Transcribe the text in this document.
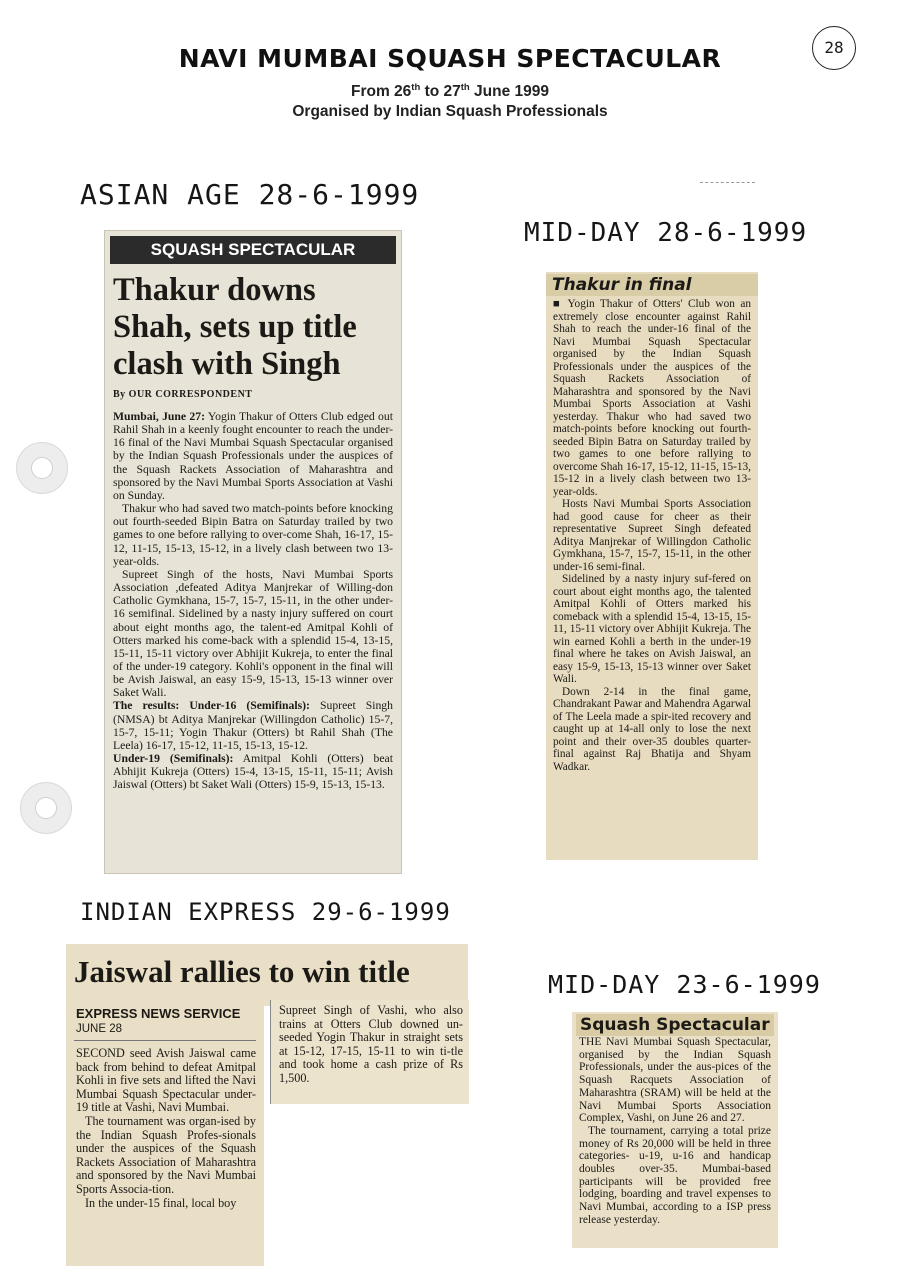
NAVI MUMBAI SQUASH SPECTACULAR
From 26th to 27th June 1999
Organised by Indian Squash Professionals
28
ASIAN AGE 28-6-1999
MID-DAY 28-6-1999
INDIAN EXPRESS 29-6-1999
MID-DAY 23-6-1999
SQUASH SPECTACULAR
Thakur downs Shah, sets up title clash with Singh
By OUR CORRESPONDENT

Mumbai, June 27: Yogin Thakur of Otters Club edged out Rahil Shah in a keenly fought encounter to reach the under-16 final of the Navi Mumbai Squash Spectacular organised by the Indian Squash Professionals under the auspices of the Squash Rackets Association of Maharashtra and sponsored by the Navi Mumbai Sports Association at Vashi on Sunday.

Thakur who had saved two match-points before knocking out fourth-seeded Bipin Batra on Saturday trailed by two games to one before rallying to over-come Shah, 16-17, 15-12, 11-15, 15-13, 15-12, in a lively clash between two 13-year-olds.

Supreet Singh of the hosts, Navi Mumbai Sports Association ,defeated Aditya Manjrekar of Willing-don Catholic Gymkhana, 15-7, 15-7, 15-11, in the other under-16 semifinal. Sidelined by a nasty injury suffered on court about eight months ago, the talent-ed Amitpal Kohli of Otters marked his come-back with a splendid 15-4, 13-15, 15-11, 15-11 victory over Abhijit Kukreja, to enter the final of the under-19 category. Kohli's opponent in the final will be Avish Jaiswal, an easy 15-9, 15-13, 15-13 winner over Saket Wali.

The results: Under-16 (Semifinals): Supreet Singh (NMSA) bt Aditya Manjrekar (Willingdon Catholic) 15-7, 15-7, 15-11; Yogin Thakur (Otters) bt Rahil Shah (The Leela) 16-17, 15-12, 11-15, 15-13, 15-12.

Under-19 (Semifinals): Amitpal Kohli (Otters) beat Abhijit Kukreja (Otters) 15-4, 13-15, 15-11, 15-11; Avish Jaiswal (Otters) bt Saket Wali (Otters) 15-9, 15-13, 15-13.

Thakur in final

■ Yogin Thakur of Otters' Club won an extremely close encounter against Rahil Shah to reach the under-16 final of the Navi Mumbai Squash Spectacular organised by the Indian Squash Professionals under the auspices of the Squash Rackets Association of Maharashtra and sponsored by the Navi Mumbai Sports Association at Vashi yesterday. Thakur who had saved two match-points before knocking out fourth-seeded Bipin Batra on Saturday trailed by two games to one before rallying to overcome Shah 16-17, 15-12, 11-15, 15-13, 15-12 in a lively clash between two 13-year-olds.

Hosts Navi Mumbai Sports Association had good cause for cheer as their representative Supreet Singh defeated Aditya Manjrekar of Willingdon Catholic Gymkhana, 15-7, 15-7, 15-11, in the other under-16 semi-final.

Sidelined by a nasty injury suf-fered on court about eight months ago, the talented Amitpal Kohli of Otters marked his comeback with a splendid 15-4, 13-15, 15-11, 15-11 victory over Abhijit Kukreja. The win earned Kohli a berth in the under-19 final where he takes on Avish Jaiswal, an easy 15-9, 15-13, 15-13 winner over Saket Wali.

Down 2-14 in the final game, Chandrakant Pawar and Mahendra Agarwal of The Leela made a spir-ited recovery and caught up at 14-all only to lose the next point and their over-35 doubles quarter-final against Raj Bhatija and Shyam Wadkar.

Jaiswal rallies to win title
EXPRESS NEWS SERVICE
JUNE 28

SECOND seed Avish Jaiswal came back from behind to defeat Amitpal Kohli in five sets and lifted the Navi Mumbai Squash Spectacular under-19 title at Vashi, Navi Mumbai.

The tournament was organ-ised by the Indian Squash Profes-sionals under the auspices of the Squash Rackets Association of Maharashtra and sponsored by the Navi Mumbai Sports Associa-tion.

In the under-15 final, local boy

Supreet Singh of Vashi, who also trains at Otters Club downed un-seeded Yogin Thakur in straight sets at 15-12, 17-15, 15-11 to win ti-tle and took home a cash prize of Rs 1,500.

Squash Spectacular

THE Navi Mumbai Squash Spectacular, organised by the Indian Squash Professionals, under the aus-pices of the Squash Racquets Association of Maharashtra (SRAM) will be held at the Navi Mumbai Sports Association Complex, Vashi, on June 26 and 27.

The tournament, carrying a total prize money of Rs 20,000 will be held in three categories- u-19, u-16 and handicap doubles over-35. Mumbai-based participants will be provided free lodging, boarding and travel expenses to Navi Mumbai, according to a ISP press release yesterday.
